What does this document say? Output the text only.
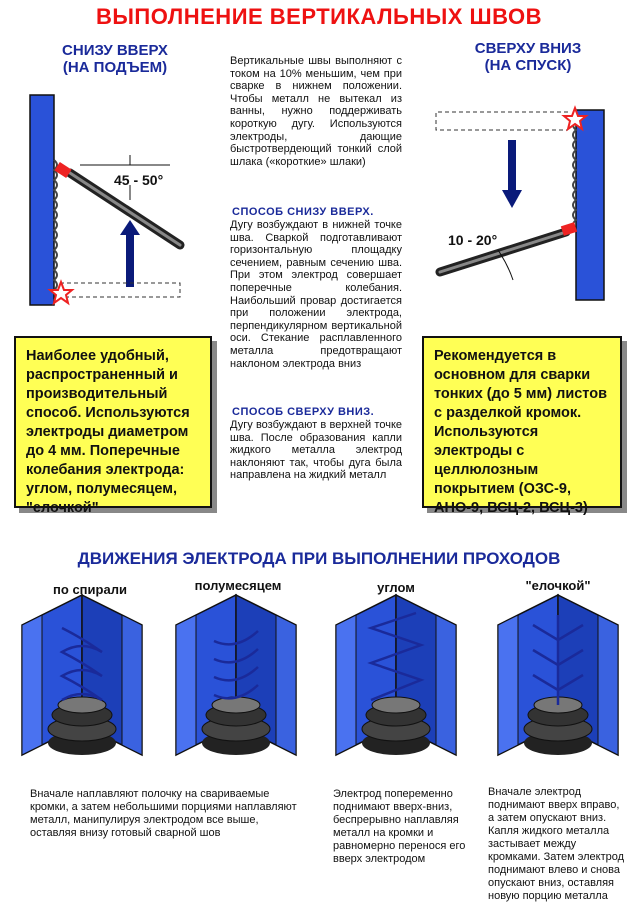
ВЫПОЛНЕНИЕ ВЕРТИКАЛЬНЫХ ШВОВ
СНИЗУ ВВЕРХ
(НА ПОДЪЕМ)
45 - 50°
СВЕРХУ ВНИЗ
(НА СПУСК)
10 - 20°
Вертикальные швы выполняют с током на 10% меньшим, чем при сварке в нижнем положении. Чтобы металл не вытекал из ванны, нужно поддерживать короткую дугу. Используются электроды, дающие быстротвердеющий тонкий слой шлака («короткие» шлаки)
СПОСОБ СНИЗУ ВВЕРХ.
Дугу возбуждают в нижней точке шва. Сваркой подготавливают горизонтальную площадку сечением, равным сечению шва. При этом электрод совершает поперечные колебания. Наибольший провар достигается при положении электрода, перпендикулярном вертикальной оси. Стекание расплавленного металла предотвращают наклоном электрода вниз
СПОСОБ СВЕРХУ ВНИЗ.
Дугу возбуждают в верхней точке шва. После образования капли жидкого металла электрод наклоняют так, чтобы дуга была направлена на жидкий металл
Наиболее удобный, распространенный и производительный способ. Используются электроды диаметром до 4 мм. Поперечные колебания электрода: углом, полумесяцем, "елочкой"
Рекомендуется в основном для сварки тонких (до 5 мм) листов с разделкой кромок. Используются электроды с целлюлозным покрытием (ОЗС-9, АНО-9, ВСЦ-2, ВСЦ-3)
ДВИЖЕНИЯ ЭЛЕКТРОДА ПРИ ВЫПОЛНЕНИИ ПРОХОДОВ
по спирали	полумесяцем	углом	"елочкой"
Вначале наплавляют полочку на свариваемые кромки, а затем небольшими порциями наплавляют металл, манипулируя электродом все выше, оставляя внизу готовый сварной шов
Электрод попеременно поднимают вверх-вниз, беспрерывно наплавляя металл на кромки и равномерно перенося его вверх электродом
Вначале электрод поднимают вверх вправо, а затем опускают вниз. Капля жидкого металла застывает между кромками. Затем электрод поднимают влево и снова опускают вниз, оставляя новую порцию металла
